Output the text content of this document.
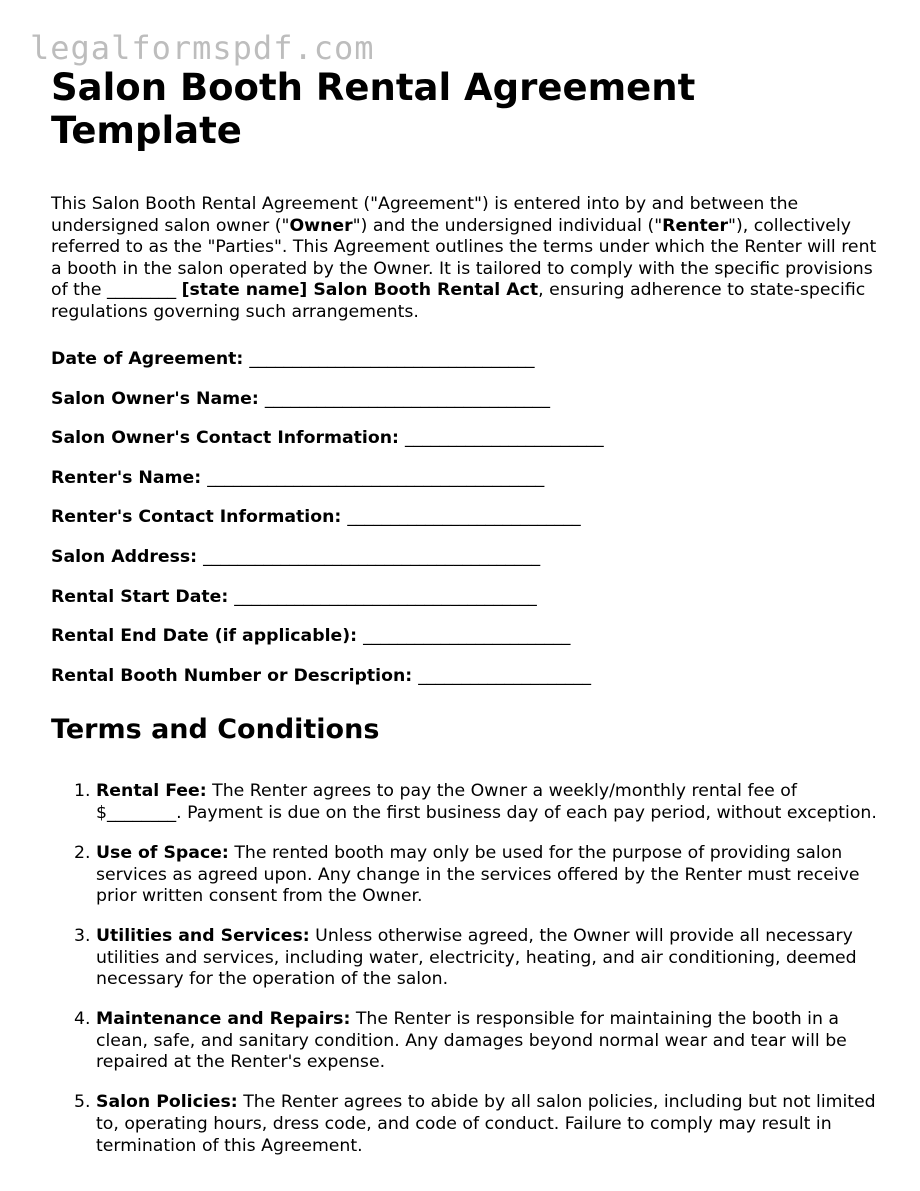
legalformspdf.com
Salon Booth Rental Agreement Template

This Salon Booth Rental Agreement ("Agreement") is entered into by and between the undersigned salon owner ("Owner") and the undersigned individual ("Renter"), collectively referred to as the "Parties". This Agreement outlines the terms under which the Renter will rent a booth in the salon operated by the Owner. It is tailored to comply with the specific provisions of the ________ [state name] Salon Booth Rental Act, ensuring adherence to state-specific regulations governing such arrangements.

Date of Agreement: _________________________________
Salon Owner's Name: _________________________________
Salon Owner's Contact Information: _______________________
Renter's Name: _______________________________________
Renter's Contact Information: ___________________________
Salon Address: _______________________________________
Rental Start Date: ___________________________________
Rental End Date (if applicable): ________________________
Rental Booth Number or Description: ____________________
Terms and Conditions
1. Rental Fee: The Renter agrees to pay the Owner a weekly/monthly rental fee of $________. Payment is due on the first business day of each pay period, without exception.
2. Use of Space: The rented booth may only be used for the purpose of providing salon services as agreed upon. Any change in the services offered by the Renter must receive prior written consent from the Owner.
3. Utilities and Services: Unless otherwise agreed, the Owner will provide all necessary utilities and services, including water, electricity, heating, and air conditioning, deemed necessary for the operation of the salon.
4. Maintenance and Repairs: The Renter is responsible for maintaining the booth in a clean, safe, and sanitary condition. Any damages beyond normal wear and tear will be repaired at the Renter's expense.
5. Salon Policies: The Renter agrees to abide by all salon policies, including but not limited to, operating hours, dress code, and code of conduct. Failure to comply may result in termination of this Agreement.
